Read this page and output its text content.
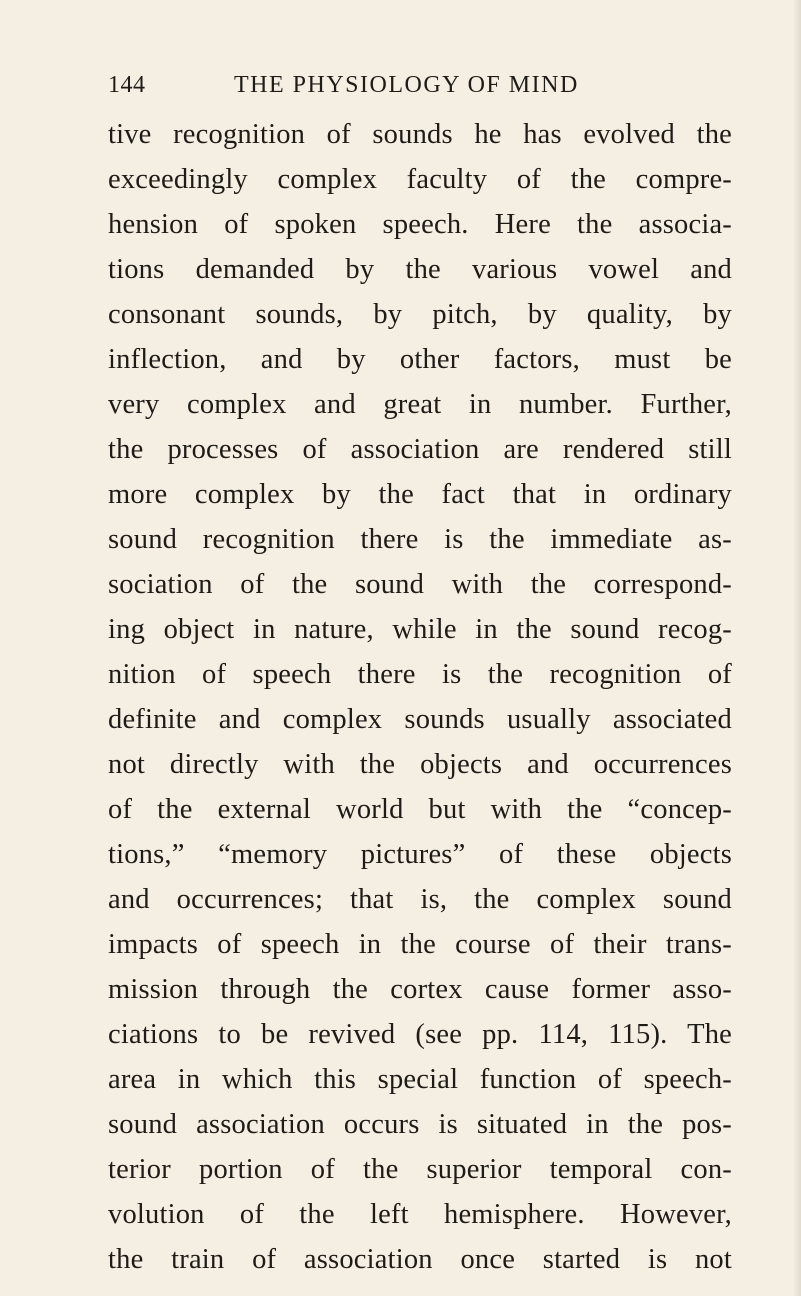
144	THE PHYSIOLOGY OF MIND
tive recognition of sounds he has evolved the
exceedingly complex faculty of the compre-
hension of spoken speech. Here the associa-
tions demanded by the various vowel and
consonant sounds, by pitch, by quality, by
inflection, and by other factors, must be
very complex and great in number. Further,
the processes of association are rendered still
more complex by the fact that in ordinary
sound recognition there is the immediate as-
sociation of the sound with the correspond-
ing object in nature, while in the sound recog-
nition of speech there is the recognition of
definite and complex sounds usually associated
not directly with the objects and occurrences
of the external world but with the “concep-
tions,” “memory pictures” of these objects
and occurrences; that is, the complex sound
impacts of speech in the course of their trans-
mission through the cortex cause former asso-
ciations to be revived (see pp. 114, 115). The
area in which this special function of speech-
sound association occurs is situated in the pos-
terior portion of the superior temporal con-
volution of the left hemisphere. However,
the train of association once started is not
